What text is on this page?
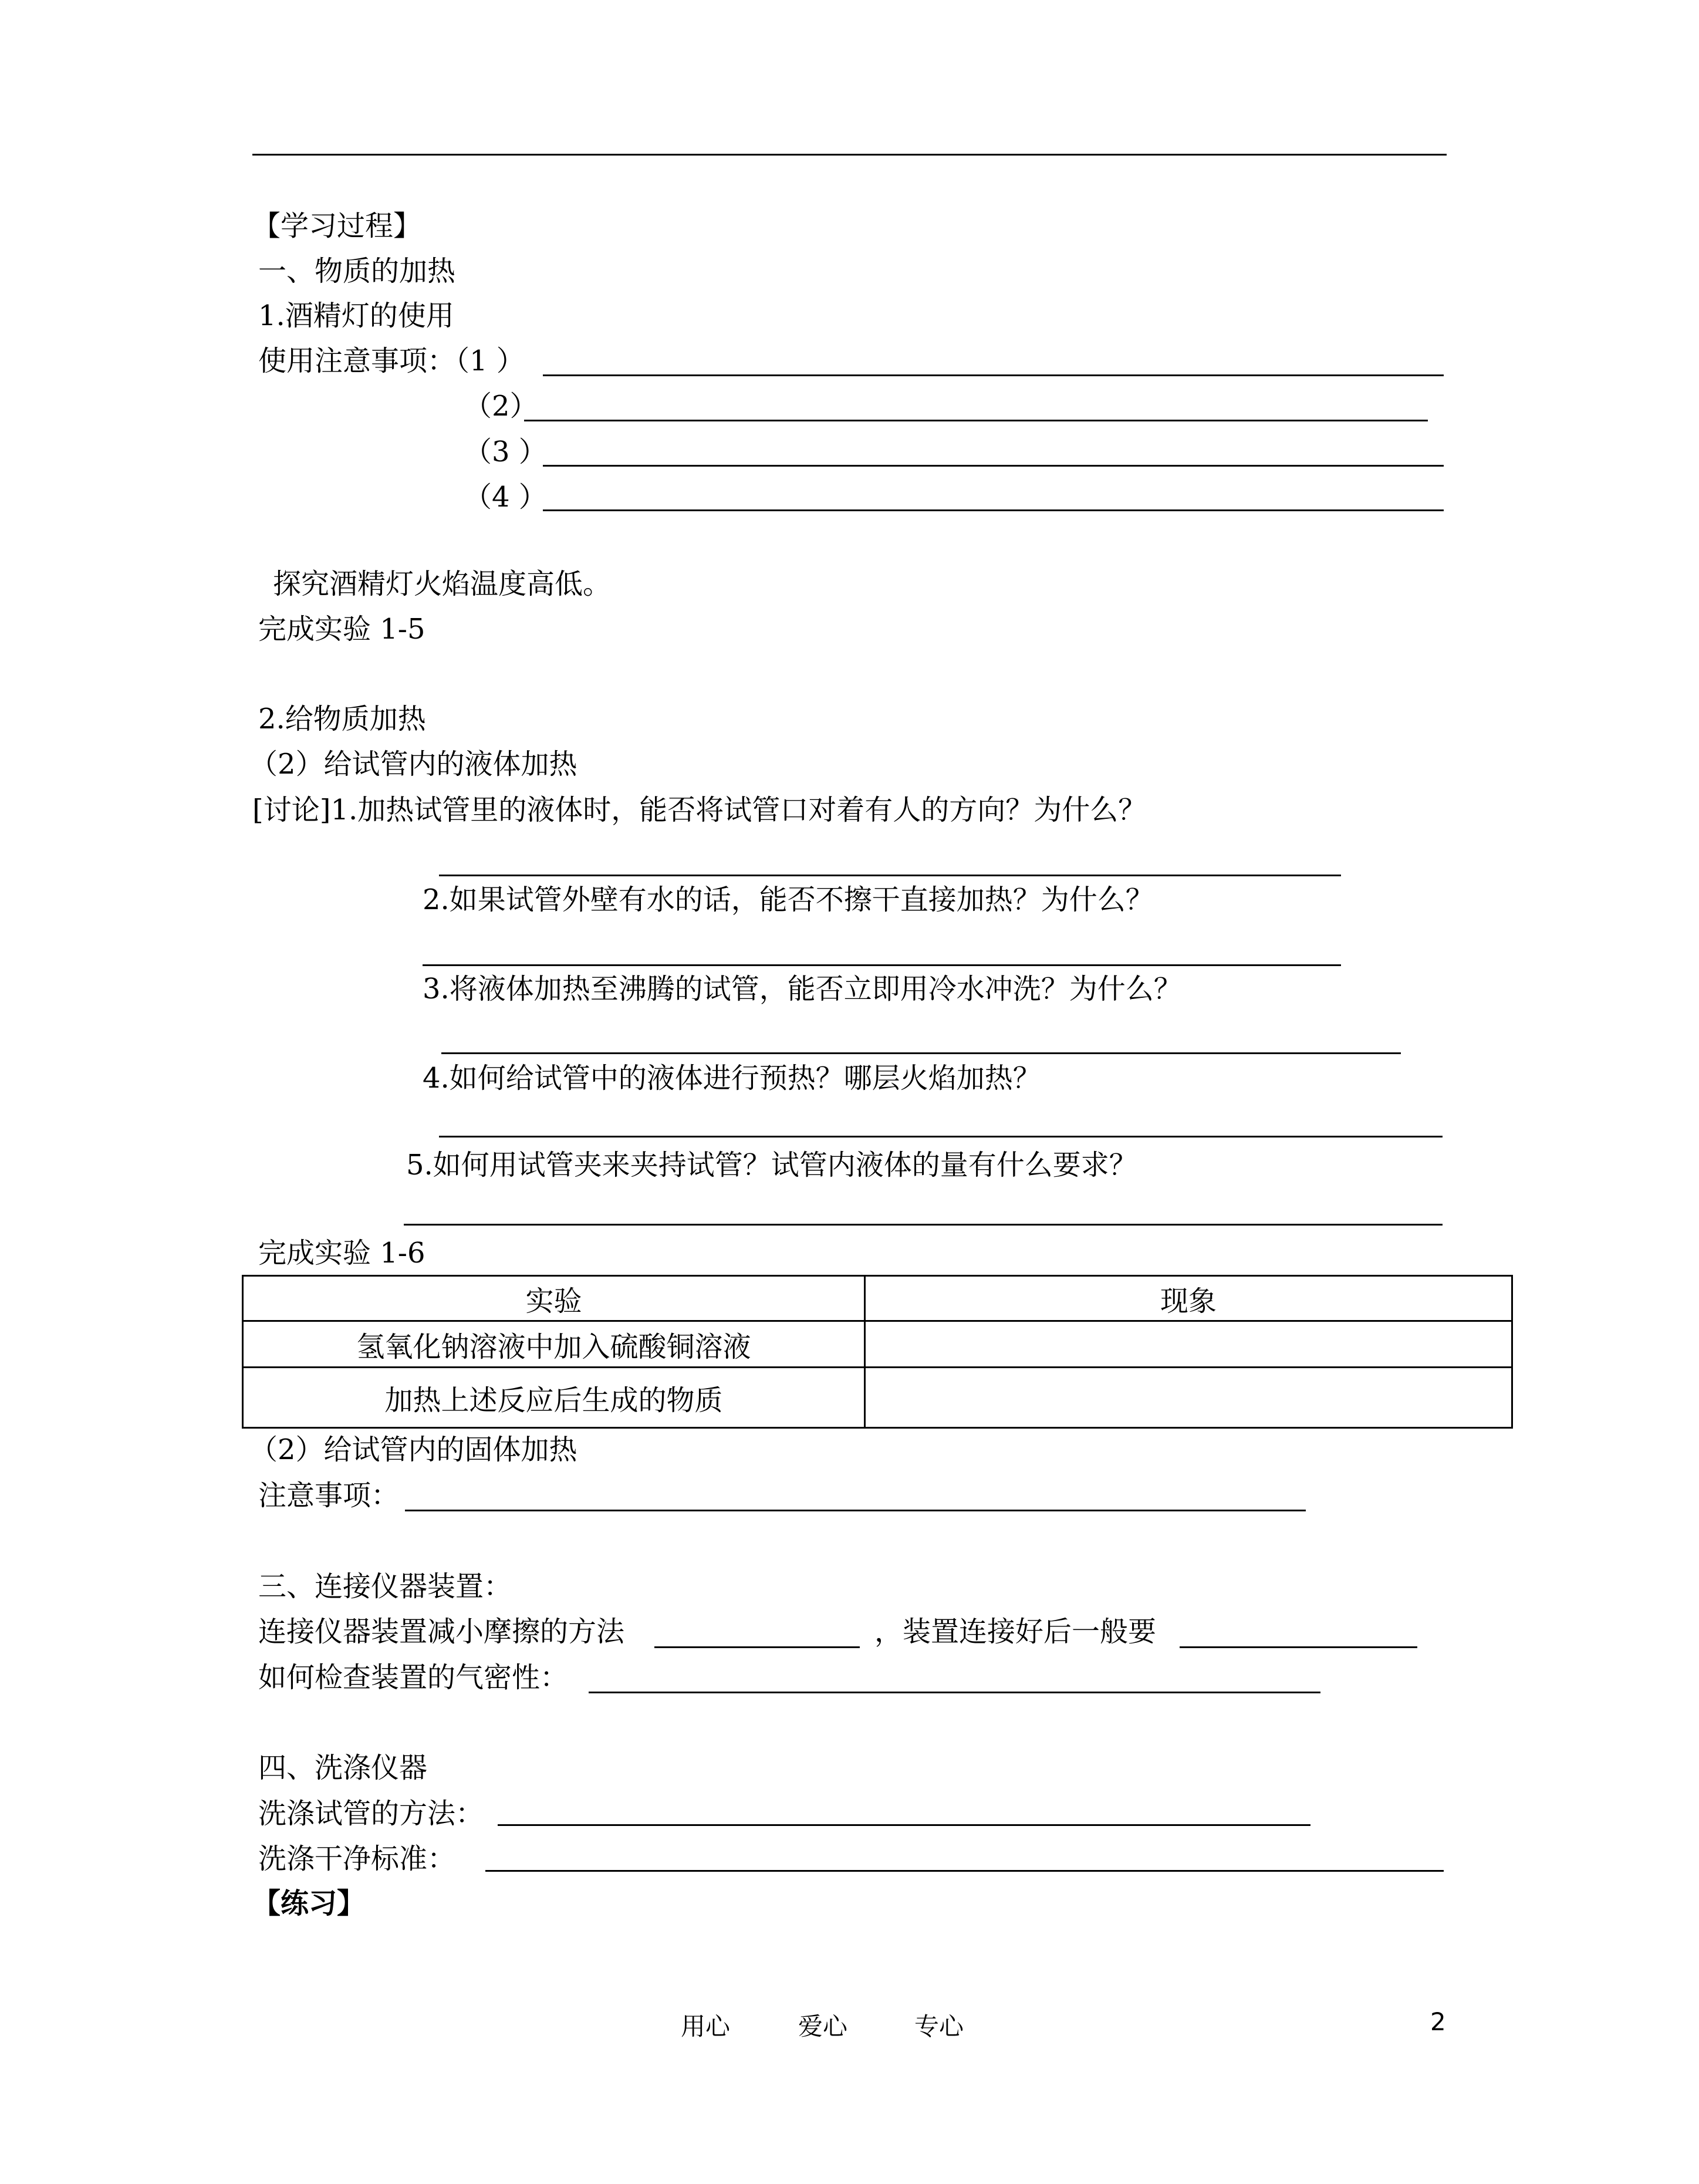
【学习过程】
一、物质的加热
1.酒精灯的使用
使用注意事项：（1 ）
（2）
（3 ）
（4 ）
探究酒精灯火焰温度高低。
完成实验 1-5
2.给物质加热
（2）给试管内的液体加热
[讨论]1.加热试管里的液体时，能否将试管口对着有人的方向？为什么？
2.如果试管外壁有水的话，能否不擦干直接加热？为什么？
3.将液体加热至沸腾的试管，能否立即用冷水冲洗？为什么？
4.如何给试管中的液体进行预热？哪层火焰加热？
5.如何用试管夹来夹持试管？试管内液体的量有什么要求？
完成实验 1-6
实验	现象
氢氧化钠溶液中加入硫酸铜溶液	
加热上述反应后生成的物质	
（2）给试管内的固体加热
注意事项：
三、连接仪器装置：
连接仪器装置减小摩擦的方法	，装置连接好后一般要
如何检查装置的气密性：
四、洗涤仪器
洗涤试管的方法：
洗涤干净标准：
【练习】
用心	爱心	专心	2
